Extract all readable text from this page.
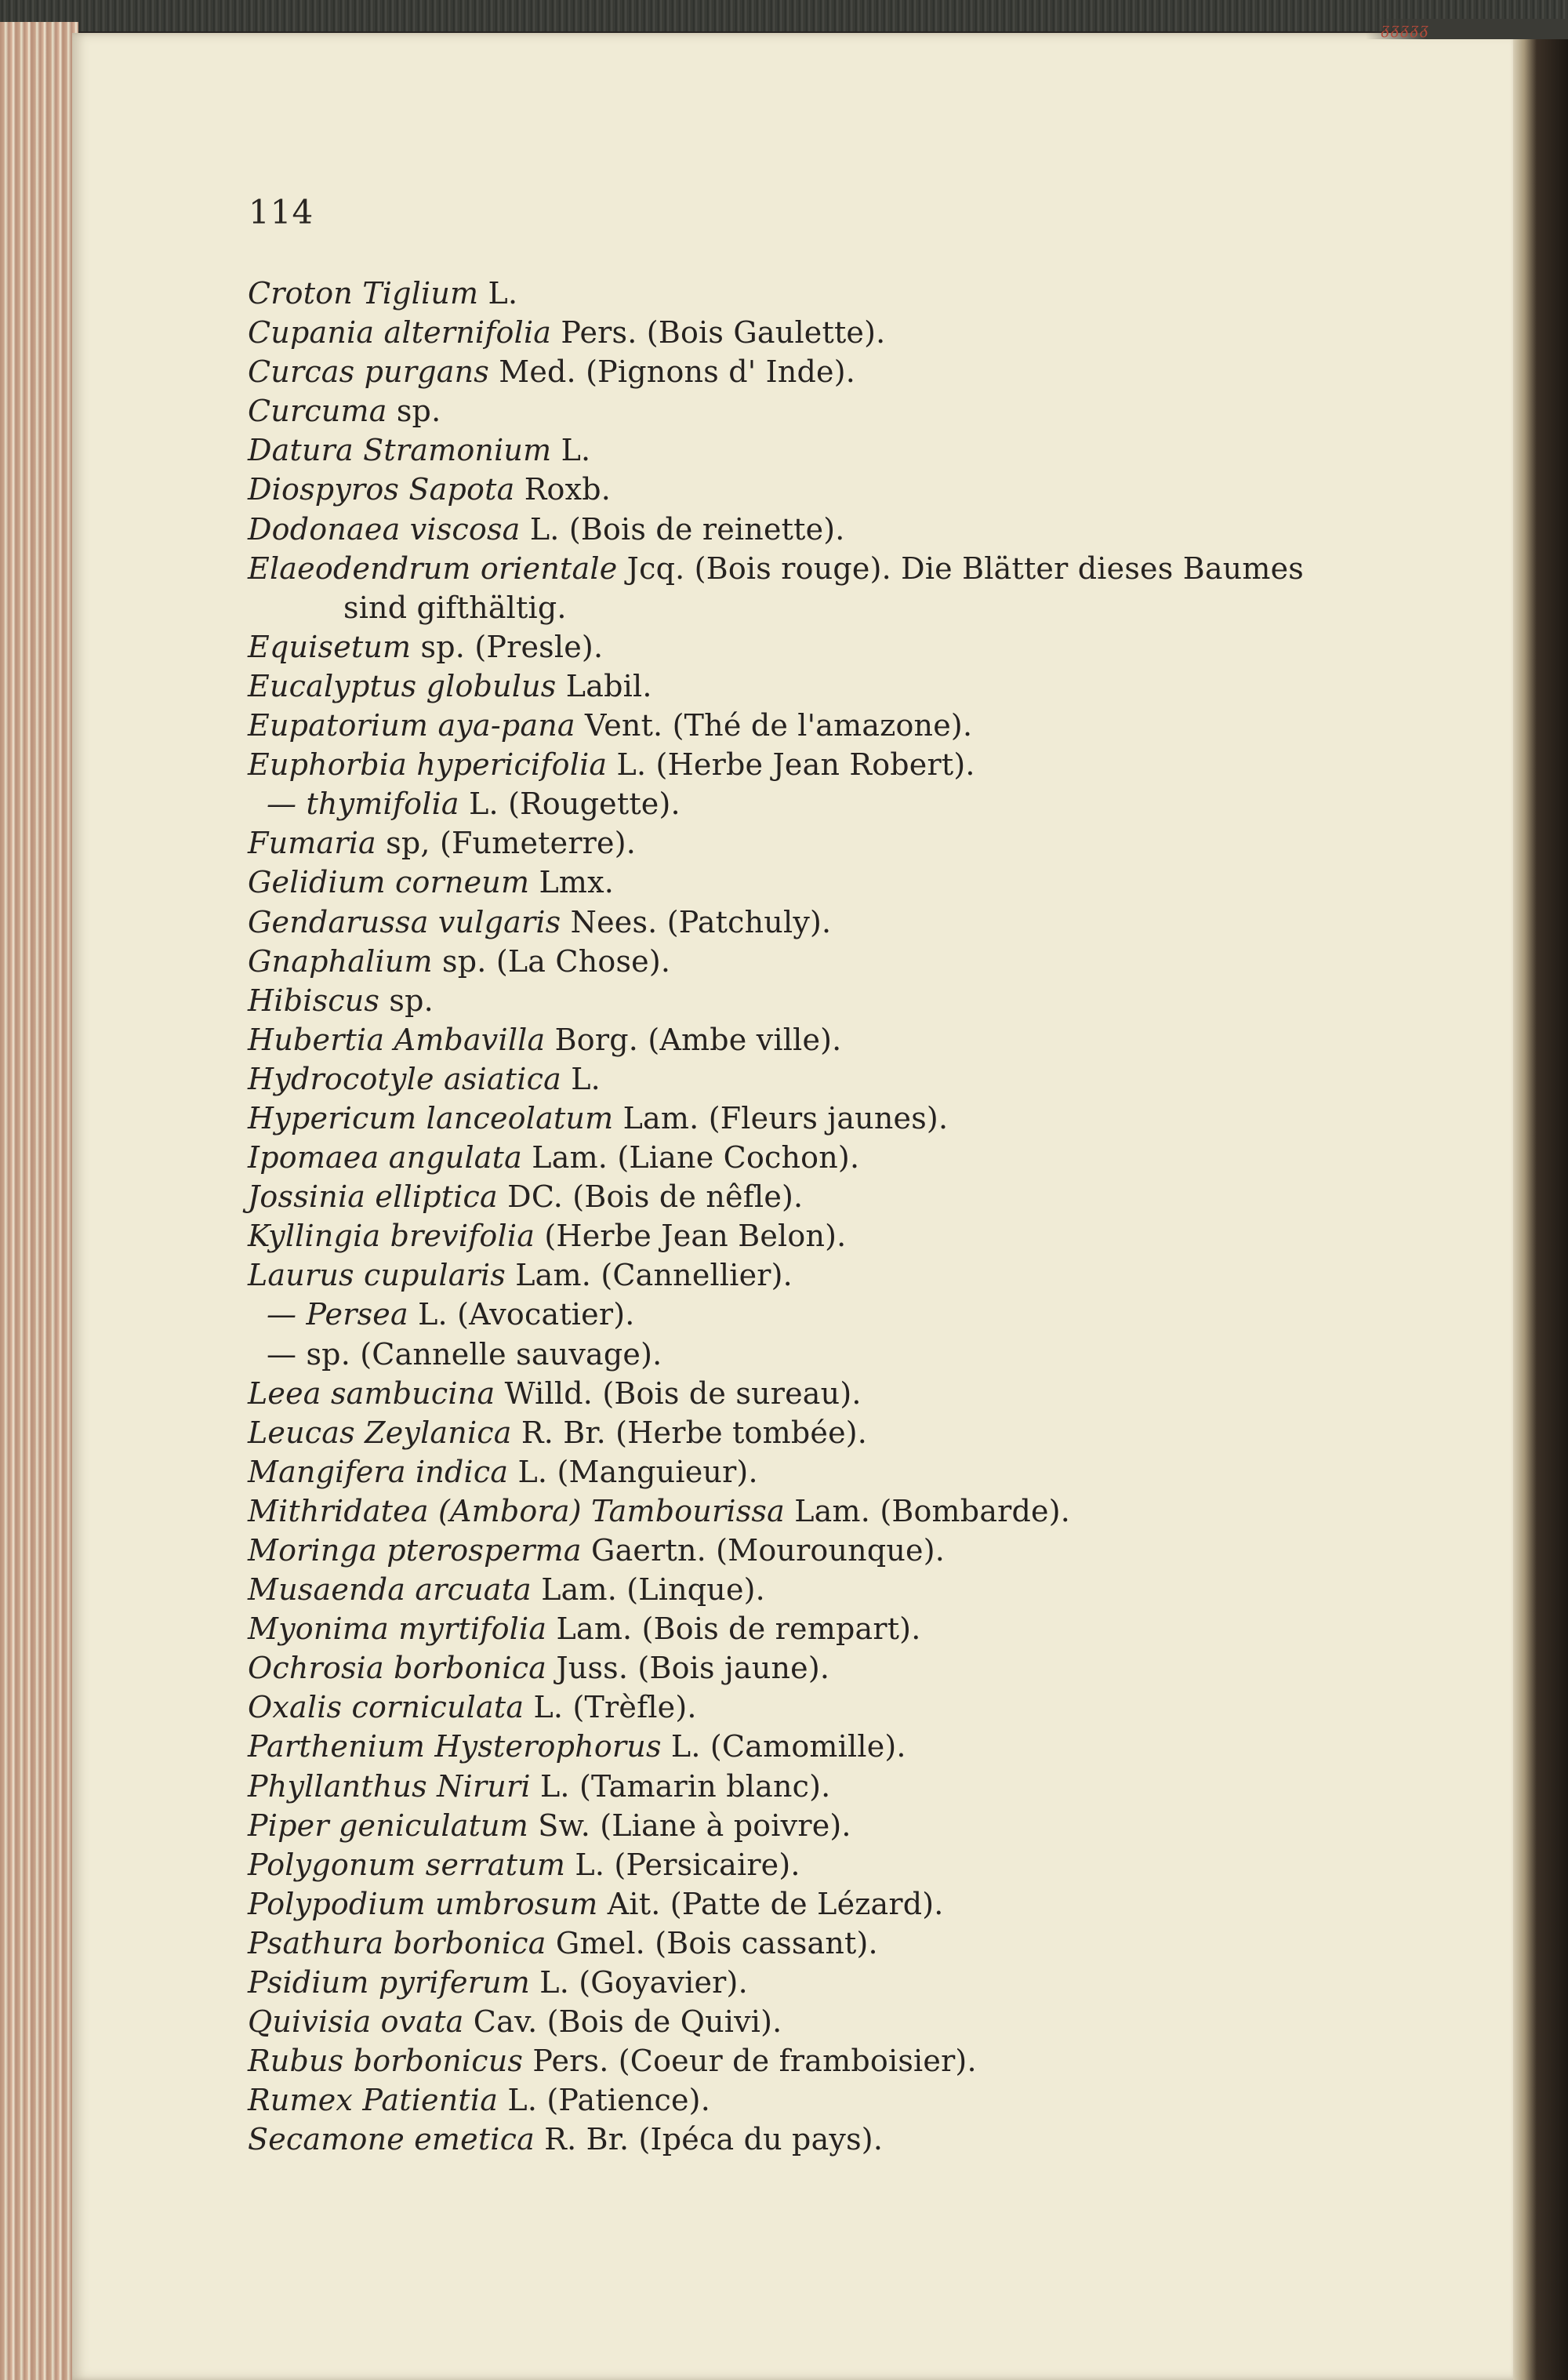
ᵹᵹᵹᵹᵹ
114
Croton Tiglium L.
Cupania alternifolia Pers. (Bois Gaulette).
Curcas purgans Med. (Pignons d' Inde).
Curcuma sp.
Datura Stramonium L.
Diospyros Sapota Roxb.
Dodonaea viscosa L. (Bois de reinette).
Elaeodendrum orientale Jcq. (Bois rouge). Die Blätter dieses Baumes
sind gifthältig.
Equisetum sp. (Presle).
Eucalyptus globulus Labil.
Eupatorium aya-pana Vent. (Thé de l'amazone).
Euphorbia hypericifolia L. (Herbe Jean Robert).
— thymifolia L. (Rougette).
Fumaria sp, (Fumeterre).
Gelidium corneum Lmx.
Gendarussa vulgaris Nees. (Patchuly).
Gnaphalium sp. (La Chose).
Hibiscus sp.
Hubertia Ambavilla Borg. (Ambe ville).
Hydrocotyle asiatica L.
Hypericum lanceolatum Lam. (Fleurs jaunes).
Ipomaea angulata Lam. (Liane Cochon).
Jossinia elliptica DC. (Bois de nêfle).
Kyllingia brevifolia (Herbe Jean Belon).
Laurus cupularis Lam. (Cannellier).
— Persea L. (Avocatier).
— sp. (Cannelle sauvage).
Leea sambucina Willd. (Bois de sureau).
Leucas Zeylanica R. Br. (Herbe tombée).
Mangifera indica L. (Manguieur).
Mithridatea (Ambora) Tambourissa Lam. (Bombarde).
Moringa pterosperma Gaertn. (Mourounque).
Musaenda arcuata Lam. (Linque).
Myonima myrtifolia Lam. (Bois de rempart).
Ochrosia borbonica Juss. (Bois jaune).
Oxalis corniculata L. (Trèfle).
Parthenium Hysterophorus L. (Camomille).
Phyllanthus Niruri L. (Tamarin blanc).
Piper geniculatum Sw. (Liane à poivre).
Polygonum serratum L. (Persicaire).
Polypodium umbrosum Ait. (Patte de Lézard).
Psathura borbonica Gmel. (Bois cassant).
Psidium pyriferum L. (Goyavier).
Quivisia ovata Cav. (Bois de Quivi).
Rubus borbonicus Pers. (Coeur de framboisier).
Rumex Patientia L. (Patience).
Secamone emetica R. Br. (Ipéca du pays).
